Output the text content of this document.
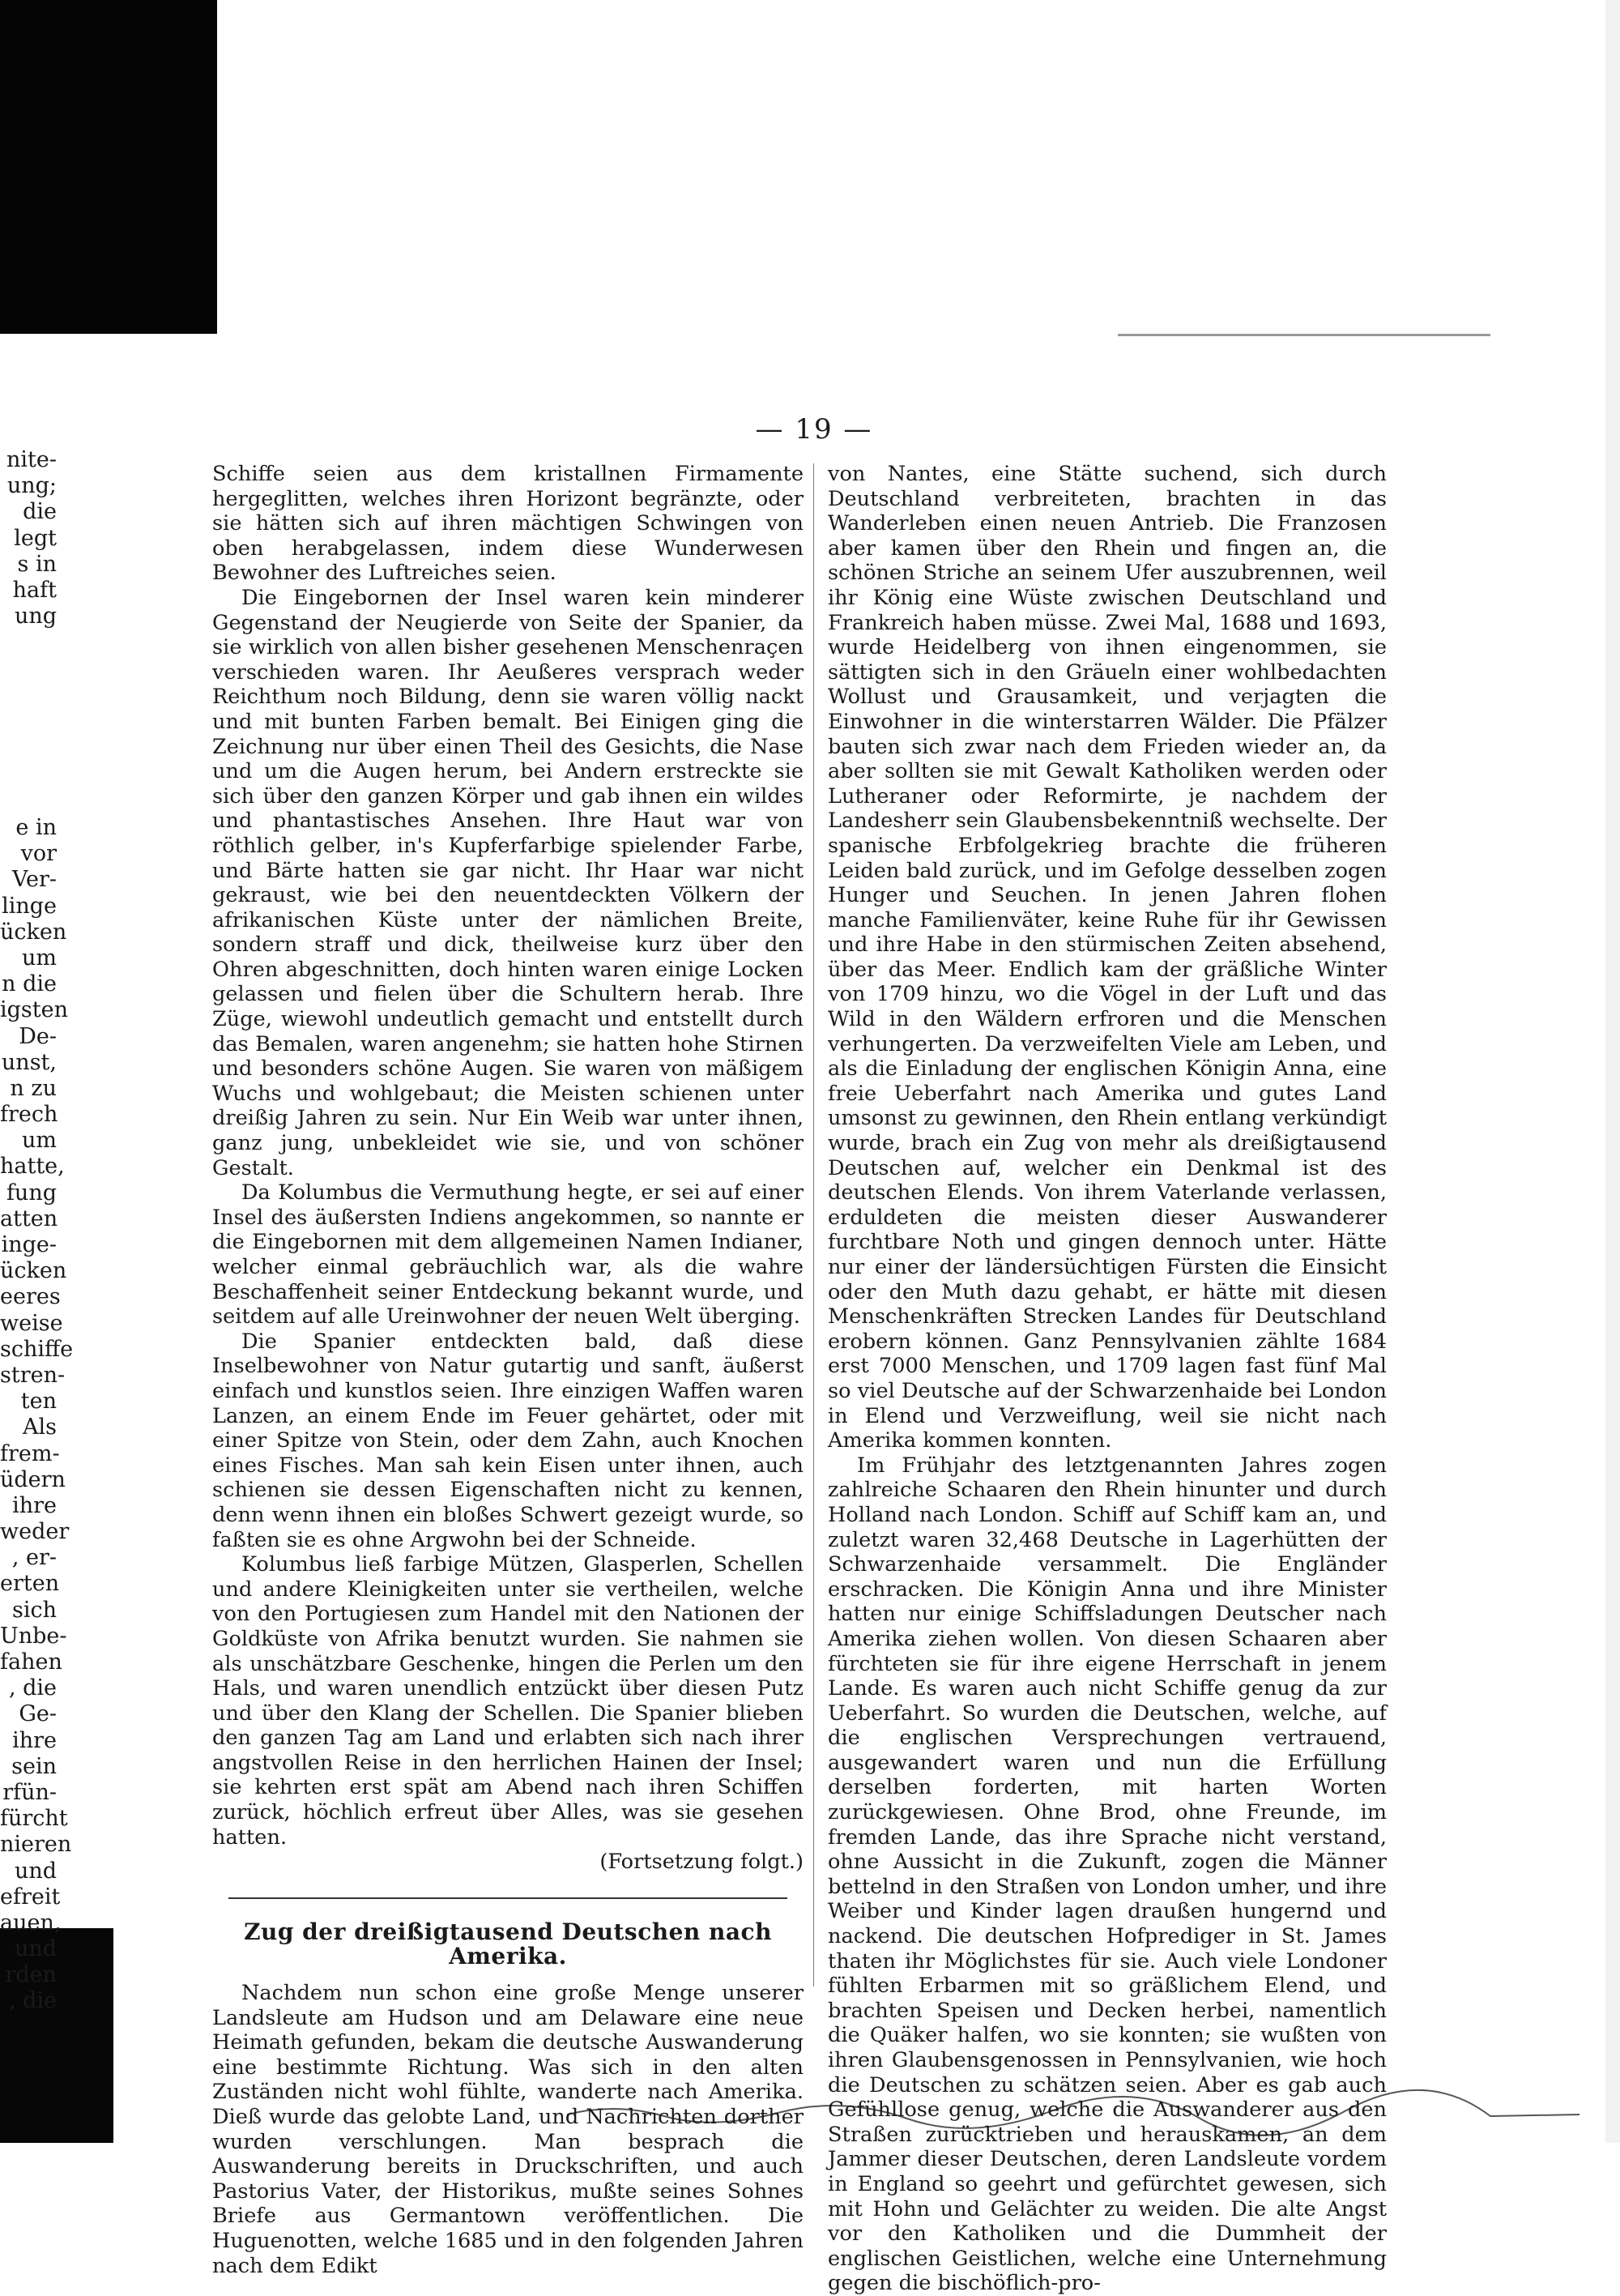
nite-
ung;
die
legt
s in
haft
ung
e in
vor
Ver-
linge
ücken
um
n die
igsten
De-
unst,
n zu
frech
um
hatte,
fung
atten
inge-
ücken
eeres
weise
schiffe
stren-
ten
Als
frem-
üdern
ihre
weder
, er-
erten
sich
Unbe-
fahen
, die
Ge-
ihre
sein
rfün-
fürcht
nieren
und
efreit
auen,
und
rden
, die
— 19 —

Schiffe seien aus dem kristallnen Firmamente hergeglitten, welches ihren Horizont begränzte, oder sie hätten sich auf ihren mächtigen Schwingen von oben herabgelassen, indem diese Wunderwesen Bewohner des Luftreiches seien.

Die Eingebornen der Insel waren kein minderer Gegenstand der Neugierde von Seite der Spanier, da sie wirklich von allen bisher gesehenen Menschenraçen verschieden waren. Ihr Aeußeres versprach weder Reichthum noch Bildung, denn sie waren völlig nackt und mit bunten Farben bemalt. Bei Einigen ging die Zeichnung nur über einen Theil des Gesichts, die Nase und um die Augen herum, bei Andern erstreckte sie sich über den ganzen Körper und gab ihnen ein wildes und phantastisches Ansehen. Ihre Haut war von röthlich gelber, in's Kupferfarbige spielender Farbe, und Bärte hatten sie gar nicht. Ihr Haar war nicht gekraust, wie bei den neuentdeckten Völkern der afrikanischen Küste unter der nämlichen Breite, sondern straff und dick, theilweise kurz über den Ohren abgeschnitten, doch hinten waren einige Locken gelassen und fielen über die Schultern herab. Ihre Züge, wiewohl undeutlich gemacht und entstellt durch das Bemalen, waren angenehm; sie hatten hohe Stirnen und besonders schöne Augen. Sie waren von mäßigem Wuchs und wohlgebaut; die Meisten schienen unter dreißig Jahren zu sein. Nur Ein Weib war unter ihnen, ganz jung, unbekleidet wie sie, und von schöner Gestalt.

Da Kolumbus die Vermuthung hegte, er sei auf einer Insel des äußersten Indiens angekommen, so nannte er die Eingebornen mit dem allgemeinen Namen Indianer, welcher einmal gebräuchlich war, als die wahre Beschaffenheit seiner Entdeckung bekannt wurde, und seitdem auf alle Ureinwohner der neuen Welt überging.

Die Spanier entdeckten bald, daß diese Inselbewohner von Natur gutartig und sanft, äußerst einfach und kunstlos seien. Ihre einzigen Waffen waren Lanzen, an einem Ende im Feuer gehärtet, oder mit einer Spitze von Stein, oder dem Zahn, auch Knochen eines Fisches. Man sah kein Eisen unter ihnen, auch schienen sie dessen Eigenschaften nicht zu kennen, denn wenn ihnen ein bloßes Schwert gezeigt wurde, so faßten sie es ohne Argwohn bei der Schneide.

Kolumbus ließ farbige Mützen, Glasperlen, Schellen und andere Kleinigkeiten unter sie vertheilen, welche von den Portugiesen zum Handel mit den Nationen der Goldküste von Afrika benutzt wurden. Sie nahmen sie als unschätzbare Geschenke, hingen die Perlen um den Hals, und waren unendlich entzückt über diesen Putz und über den Klang der Schellen. Die Spanier blieben den ganzen Tag am Land und erlabten sich nach ihrer angstvollen Reise in den herrlichen Hainen der Insel; sie kehrten erst spät am Abend nach ihren Schiffen zurück, höchlich erfreut über Alles, was sie gesehen hatten.

(Fortsetzung folgt.)
Zug der dreißigtausend Deutschen nach Amerika.

Nachdem nun schon eine große Menge unserer Landsleute am Hudson und am Delaware eine neue Heimath gefunden, bekam die deutsche Auswanderung eine bestimmte Richtung. Was sich in den alten Zuständen nicht wohl fühlte, wanderte nach Amerika. Dieß wurde das gelobte Land, und Nachrichten dorther wurden verschlungen. Man besprach die Auswanderung bereits in Druckschriften, und auch Pastorius Vater, der Historikus, mußte seines Sohnes Briefe aus Germantown veröffentlichen. Die Huguenotten, welche 1685 und in den folgenden Jahren nach dem Edikt

von Nantes, eine Stätte suchend, sich durch Deutschland verbreiteten, brachten in das Wanderleben einen neuen Antrieb. Die Franzosen aber kamen über den Rhein und fingen an, die schönen Striche an seinem Ufer auszubrennen, weil ihr König eine Wüste zwischen Deutschland und Frankreich haben müsse. Zwei Mal, 1688 und 1693, wurde Heidelberg von ihnen eingenommen, sie sättigten sich in den Gräueln einer wohlbedachten Wollust und Grausamkeit, und verjagten die Einwohner in die winterstarren Wälder. Die Pfälzer bauten sich zwar nach dem Frieden wieder an, da aber sollten sie mit Gewalt Katholiken werden oder Lutheraner oder Reformirte, je nachdem der Landesherr sein Glaubensbekenntniß wechselte. Der spanische Erbfolgekrieg brachte die früheren Leiden bald zurück, und im Gefolge desselben zogen Hunger und Seuchen. In jenen Jahren flohen manche Familienväter, keine Ruhe für ihr Gewissen und ihre Habe in den stürmischen Zeiten absehend, über das Meer. Endlich kam der gräßliche Winter von 1709 hinzu, wo die Vögel in der Luft und das Wild in den Wäldern erfroren und die Menschen verhungerten. Da verzweifelten Viele am Leben, und als die Einladung der englischen Königin Anna, eine freie Ueberfahrt nach Amerika und gutes Land umsonst zu gewinnen, den Rhein entlang verkündigt wurde, brach ein Zug von mehr als dreißigtausend Deutschen auf, welcher ein Denkmal ist des deutschen Elends. Von ihrem Vaterlande verlassen, erduldeten die meisten dieser Auswanderer furchtbare Noth und gingen dennoch unter. Hätte nur einer der ländersüchtigen Fürsten die Einsicht oder den Muth dazu gehabt, er hätte mit diesen Menschenkräften Strecken Landes für Deutschland erobern können. Ganz Pennsylvanien zählte 1684 erst 7000 Menschen, und 1709 lagen fast fünf Mal so viel Deutsche auf der Schwarzenhaide bei London in Elend und Verzweiflung, weil sie nicht nach Amerika kommen konnten.

Im Frühjahr des letztgenannten Jahres zogen zahlreiche Schaaren den Rhein hinunter und durch Holland nach London. Schiff auf Schiff kam an, und zuletzt waren 32,468 Deutsche in Lagerhütten der Schwarzenhaide versammelt. Die Engländer erschracken. Die Königin Anna und ihre Minister hatten nur einige Schiffsladungen Deutscher nach Amerika ziehen wollen. Von diesen Schaaren aber fürchteten sie für ihre eigene Herrschaft in jenem Lande. Es waren auch nicht Schiffe genug da zur Ueberfahrt. So wurden die Deutschen, welche, auf die englischen Versprechungen vertrauend, ausgewandert waren und nun die Erfüllung derselben forderten, mit harten Worten zurückgewiesen. Ohne Brod, ohne Freunde, im fremden Lande, das ihre Sprache nicht verstand, ohne Aussicht in die Zukunft, zogen die Männer bettelnd in den Straßen von London umher, und ihre Weiber und Kinder lagen draußen hungernd und nackend. Die deutschen Hofprediger in St. James thaten ihr Möglichstes für sie. Auch viele Londoner fühlten Erbarmen mit so gräßlichem Elend, und brachten Speisen und Decken herbei, namentlich die Quäker halfen, wo sie konnten; sie wußten von ihren Glaubensgenossen in Pennsylvanien, wie hoch die Deutschen zu schätzen seien. Aber es gab auch Gefühllose genug, welche die Auswanderer aus den Straßen zurücktrieben und herauskamen, an dem Jammer dieser Deutschen, deren Landsleute vordem in England so geehrt und gefürchtet gewesen, sich mit Hohn und Gelächter zu weiden. Die alte Angst vor den Katholiken und die Dummheit der englischen Geistlichen, welche eine Unternehmung gegen die bischöflich-pro-
